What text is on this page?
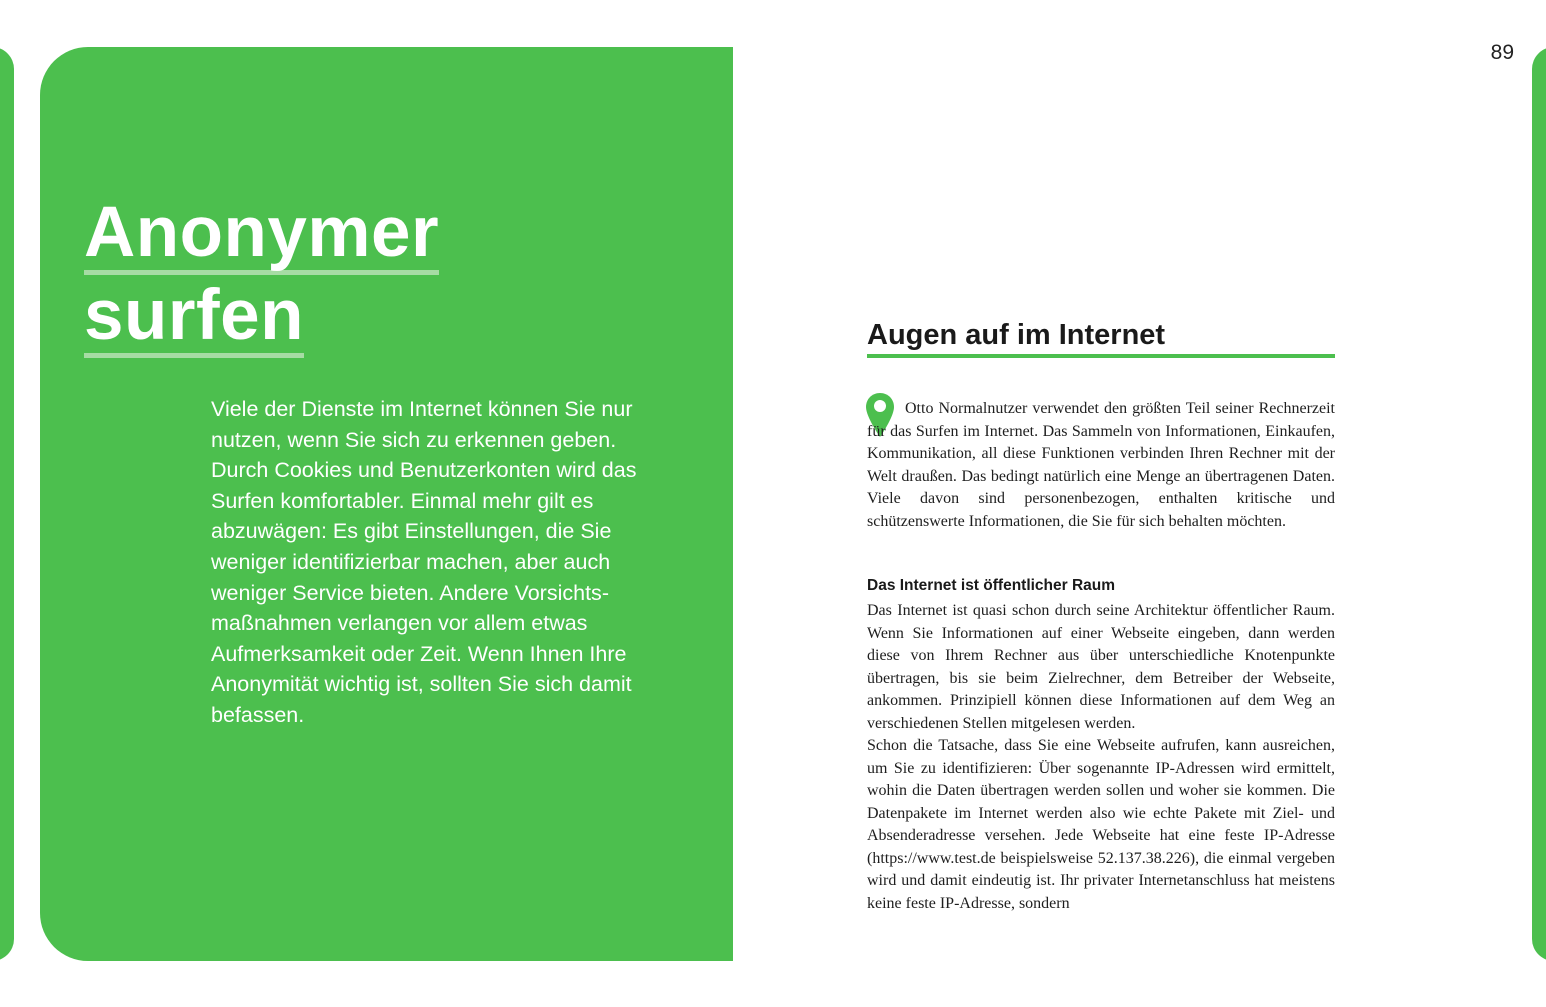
Anonymer
surfen

Viele der Dienste im Internet können Sie nur nutzen, wenn Sie sich zu erkennen geben. Durch Cookies und Benutzerkonten wird das Surfen komfortabler. Einmal mehr gilt es abzuwägen: Es gibt Einstellungen, die Sie weniger identifizierbar machen, aber auch weniger Service bieten. Andere Vorsichtsmaßnahmen verlangen vor allem etwas Aufmerksamkeit oder Zeit. Wenn Ihnen Ihre Anonymität wichtig ist, sollten Sie sich damit befassen.

89
Augen auf im Internet

Otto Normalnutzer verwendet den größten Teil seiner Rechnerzeit für das Surfen im Internet. Das Sammeln von Informationen, Einkaufen, Kommunikation, all diese Funktionen verbinden Ihren Rechner mit der Welt draußen. Das bedingt natürlich eine Menge an übertragenen Daten. Viele davon sind personenbezogen, enthalten kritische und schützenswerte Informationen, die Sie für sich behalten möchten.

Das Internet ist öffentlicher Raum

Das Internet ist quasi schon durch seine Architektur öffentlicher Raum. Wenn Sie Informationen auf einer Webseite eingeben, dann werden diese von Ihrem Rechner aus über unterschiedliche Knotenpunkte übertragen, bis sie beim Zielrechner, dem Betreiber der Webseite, ankommen. Prinzipiell können diese Informationen auf dem Weg an verschiedenen Stellen mitgelesen werden.

Schon die Tatsache, dass Sie eine Webseite aufrufen, kann ausreichen, um Sie zu identifizieren: Über sogenannte IP-Adressen wird ermittelt, wohin die Daten übertragen werden sollen und woher sie kommen. Die Datenpakete im Internet werden also wie echte Pakete mit Ziel- und Absenderadresse versehen. Jede Webseite hat eine feste IP-Adresse (https://www.test.de beispielsweise 52.137.38.226), die einmal vergeben wird und damit eindeutig ist. Ihr privater Internetanschluss hat meistens keine feste IP-Adresse, sondern
